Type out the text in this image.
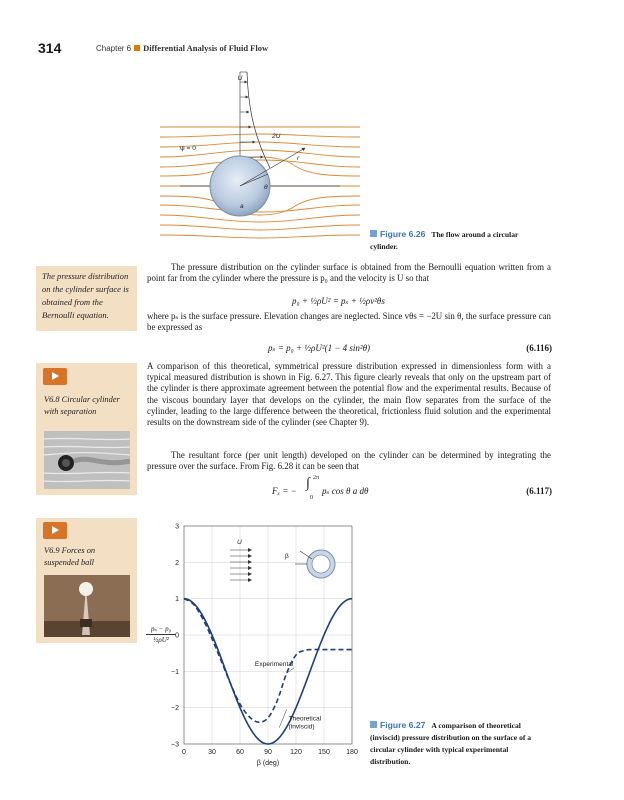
314	Chapter 6 Differential Analysis of Fluid Flow
U
2U
ψ = 0
r
θ
a
Figure 6.26 The flow around a circular cylinder.
The pressure distribution on the cylinder surface is obtained from the Bernoulli equation.
V6.8 Circular cylinder with separation
V6.9 Forces on suspended ball
The pressure distribution on the cylinder surface is obtained from the Bernoulli equation written from a point far from the cylinder where the pressure is p₀ and the velocity is U so that
p₀ + ½ρU² = pₛ + ½ρv²θs
where pₛ is the surface pressure. Elevation changes are neglected. Since vθs = −2U sin θ, the surface pressure can be expressed as
pₛ = p₀ + ½ρU²(1 − 4 sin²θ)	(6.116)
A comparison of this theoretical, symmetrical pressure distribution expressed in dimensionless form with a typical measured distribution is shown in Fig. 6.27. This figure clearly reveals that only on the upstream part of the cylinder is there approximate agreement between the potential flow and the experimental results. Because of the viscous boundary layer that develops on the cylinder, the main flow separates from the surface of the cylinder, leading to the large difference between the theoretical, frictionless fluid solution and the experimental results on the downstream side of the cylinder (see Chapter 9).
The resultant force (per unit length) developed on the cylinder can be determined by integrating the pressure over the surface. From Fig. 6.28 it can be seen that
Fₓ = − ∫ 2π
0
pₛ cos θ a dθ	(6.117)
U
β
0	30	60	90	120 150 180
3
2
1
0
−1
−2
−3
β (deg)
Experimental
Theoretical
(inviscid)
$\frac{\text{pₛ − p₀}}{\text{½ρU²}}$
Figure 6.27 A comparison of theoretical (inviscid) pressure distribution on the surface of a circular cylinder with typical experimental distribution.
